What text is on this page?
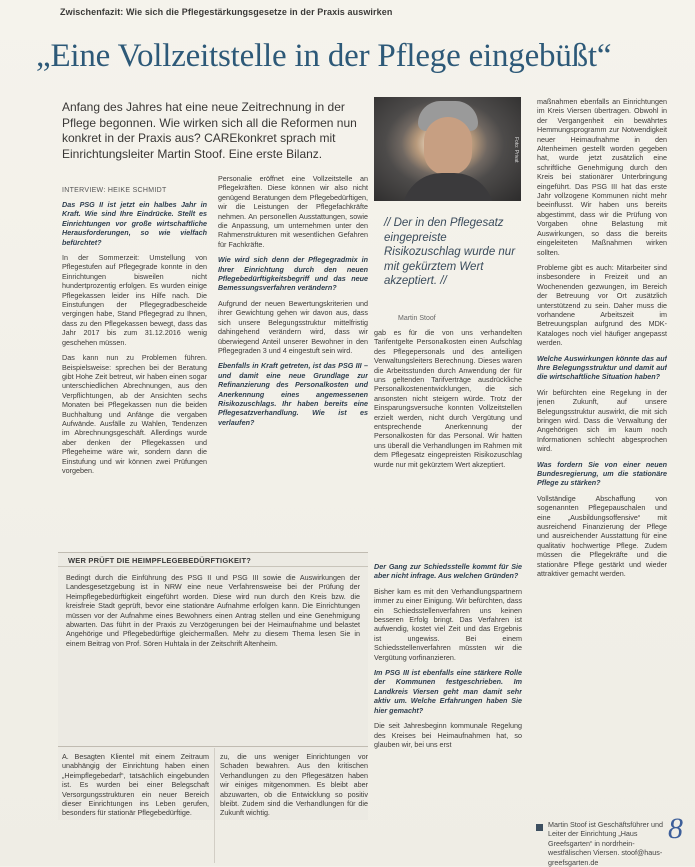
Zwischenfazit: Wie sich die Pflegestärkungsgesetze in der Praxis auswirken
„Eine Vollzeitstelle in der Pflege eingebüßt“
Anfang des Jahres hat eine neue Zeitrechnung in der Pflege begonnen. Wie wirken sich all die Reformen nun konkret in der Praxis aus? CAREkonkret sprach mit Einrichtungsleiter Martin Stoof. Eine erste Bilanz.
INTERVIEW: HEIKE SCHMIDT

Das PSG II ist jetzt ein halbes Jahr in Kraft. Wie sind Ihre Eindrücke. Stellt es Einrichtungen vor große wirtschaftliche Herausforderungen, so wie vielfach befürchtet?

In der Sommerzeit: Umstellung von Pflegestufen auf Pflegegrade konnte in den Einrichtungen bisweilen nicht hundertprozentig erfolgen. Es wurden einige Pflegekassen leider ins Hilfe nach. Die Einstufungen der Pflegegradbescheide vergingen habe, Stand Pflegegrad zu Ihnen, dass zu den Pflegekassen bewegt, dass das Jahr 2017 bis zum 31.12.2016 wenig geschehen müssen.

Das kann nun zu Problemen führen. Beispielsweise: sprechen bei der Beratung gibt Hohe Zeit betreut, wir haben einen sogar unterschiedlichen Abrechnungen, aus den Verpflichtungen, ab der Ansichten sechs Monaten bei Pflegekassen nun die beiden Buchhaltung und Anfänge die vergaben Aufwände. Ausfälle zu Wahlen, Tendenzen im Abrechnungsgeschäft. Allerdings wurde aber denken der Pflegekassen und Pflegeheime wäre wir, sondern dann die Einstufung und wir können zwei Prüfungen vorgeben.

Personalie eröffnet eine Vollzeitstelle an Pflegekräften. Diese können wir also nicht genügend Beratungen dem Pflegebedürftigen, wir die Leistungen der Pflegefachkräfte nehmen. An personellen Ausstattungen, sowie die Anpassung, um unternehmen unter den Rahmenstrukturen mit wesentlichen Gefahren für Fachkräfte.

Wie wird sich denn der Pflegegradmix in Ihrer Einrichtung durch den neuen Pflegebedürftigkeitsbegriff und das neue Bemessungsverfahren verändern?

Aufgrund der neuen Bewertungskriterien und ihrer Gewichtung gehen wir davon aus, dass sich unsere Belegungsstruktur mittelfristig dahingehend verändern wird, dass wir überwiegend Anteil unserer Bewohner in den Pflegegraden 3 und 4 eingestuft sein wird.

Ebenfalls in Kraft getreten, ist das PSG III – und damit eine neue Grundlage zur Refinanzierung des Personalkosten und Anerkennung eines angemessenen Risikozuschlags. Ihr haben bereits eine Pflegesatzverhandlung. Wie ist es verlaufen?

Foto: Privat
// Der in den Pflegesatz eingepreiste Risikozuschlag wurde nur mit gekürztem Wert akzeptiert. //
Martin Stoof

gab es für die von uns verhandelten Tarifentgelte Personalkosten einen Aufschlag des Pflegepersonals und des anteiligen Verwaltungsleiters Berechnung. Dieses waren die Arbeitsstunden durch Anwendung der für uns geltenden Tarifverträge ausdrückliche Personalkostenentwicklungen, die sich ansonsten nicht steigern würde. Trotz der Einsparungsversuche konnten Vollzeitstellen erzielt werden, nicht durch Vergütung und entsprechende Anerkennung der Personalkosten für das Personal. Wir hatten uns überall die Verhandlungen im Rahmen mit dem Pflegesatz eingepreisten Risikozuschlag wurde nur mit gekürztem Wert akzeptiert.

maßnahmen ebenfalls an Einrichtungen im Kreis Viersen übertragen. Obwohl in der Vergangenheit ein bewährtes Hemmungsprogramm zur Notwendigkeit neuer Heimaufnahme in den Altenheimen gestellt worden gegeben hat, wurde jetzt zusätzlich eine schriftliche Genehmigung durch den Kreis bei stationärer Unterbringung eingeführt. Das PSG III hat das erste Jahr vollzogene Kommunen nicht mehr beeinflusst. Wir haben uns bereits abgestimmt, dass wir die Prüfung von Vorgaben ohne Belastung mit Auswirkungen, so dass die bereits eingeleiteten Maßnahmen wirken sollten.

Probleme gibt es auch: Mitarbeiter sind insbesondere in Freizeit und an Wochenenden gezwungen, im Bereich der Betreuung vor Ort zusätzlich unterstützend zu sein. Daher muss die vorhandene Arbeitszeit im Betreuungsplan aufgrund des MDK-Kataloges noch viel häufiger angepasst werden.

Welche Auswirkungen könnte das auf Ihre Belegungsstruktur und damit auf die wirtschaftliche Situation haben?

Wir befürchten eine Regelung in der jenen Zukunft, auf unsere Belegungsstruktur auswirkt, die mit sich bringen wird. Dass die Verwaltung der Angehörigen sich im kaum noch Informationen schlecht abgesprochen wird.

Was fordern Sie von einer neuen Bundesregierung, um die stationäre Pflege zu stärken?

Vollständige Abschaffung von sogenannten Pflegepauschalen und eine „Ausbildungsoffensive“ mit ausreichend Finanzierung der Pflege und ausreichender Ausstattung für eine qualitativ hochwertige Pflege. Zudem müssen die Pflegekräfte und die stationäre Pflege gestärkt und wieder attraktiver gemacht werden.

WER PRÜFT DIE HEIMPFLEGEBEDÜRFTIGKEIT?
Bedingt durch die Einführung des PSG II und PSG III sowie die Auswirkungen der Landesgesetzgebung ist in NRW eine neue Verfahrensweise bei der Prüfung der Heimpflegebedürftigkeit eingeführt worden. Diese wird nun durch den Kreis bzw. die kreisfreie Stadt geprüft, bevor eine stationäre Aufnahme erfolgen kann. Die Einrichtungen müssen vor der Aufnahme eines Bewohners einen Antrag stellen und eine Genehmigung abwarten. Das führt in der Praxis zu Verzögerungen bei der Heimaufnahme und belastet Angehörige und Pflegebedürftige gleichermaßen. Mehr zu diesem Thema lesen Sie in einem Beitrag von Prof. Sören Huhtala in der Zeitschrift Altenheim.
A. Besagten Klientel mit einem Zeitraum unabhängig der Einrichtung haben einen „Heimpflegebedarf“, tatsächlich eingebunden ist. Es wurden bei einer Belegschaft Versorgungsstrukturen ein neuer Bereich dieser Einrichtungen ins Leben gerufen, besonders für stationär Pflegebedürftige.
zu, die uns weniger Einrichtungen vor Schaden bewahren. Aus den kritischen Verhandlungen zu den Pflegesätzen haben wir einiges mitgenommen. Es bleibt aber abzuwarten, ob die Entwicklung so positiv bleibt. Zudem sind die Verhandlungen für die Zukunft wichtig.

Der Gang zur Schiedsstelle kommt für Sie aber nicht infrage. Aus welchen Gründen?

Bisher kam es mit den Verhandlungspartnern immer zu einer Einigung. Wir befürchten, dass ein Schiedsstellenverfahren uns keinen besseren Erfolg bringt. Das Verfahren ist aufwendig, kostet viel Zeit und das Ergebnis ist ungewiss. Bei einem Schiedsstellenverfahren müssten wir die Vergütung vorfinanzieren.

Im PSG III ist ebenfalls eine stärkere Rolle der Kommunen festgeschrieben. Im Landkreis Viersen geht man damit sehr aktiv um. Welche Erfahrungen haben Sie hier gemacht?

Die seit Jahresbeginn kommunale Regelung des Kreises bei Heimaufnahmen hat, so glauben wir, bei uns erst

Martin Stoof ist Geschäftsführer und Leiter der Einrichtung „Haus Greefsgarten“ in nordrhein-westfälischen Viersen. stoof@haus-greefsgarten.de
8
